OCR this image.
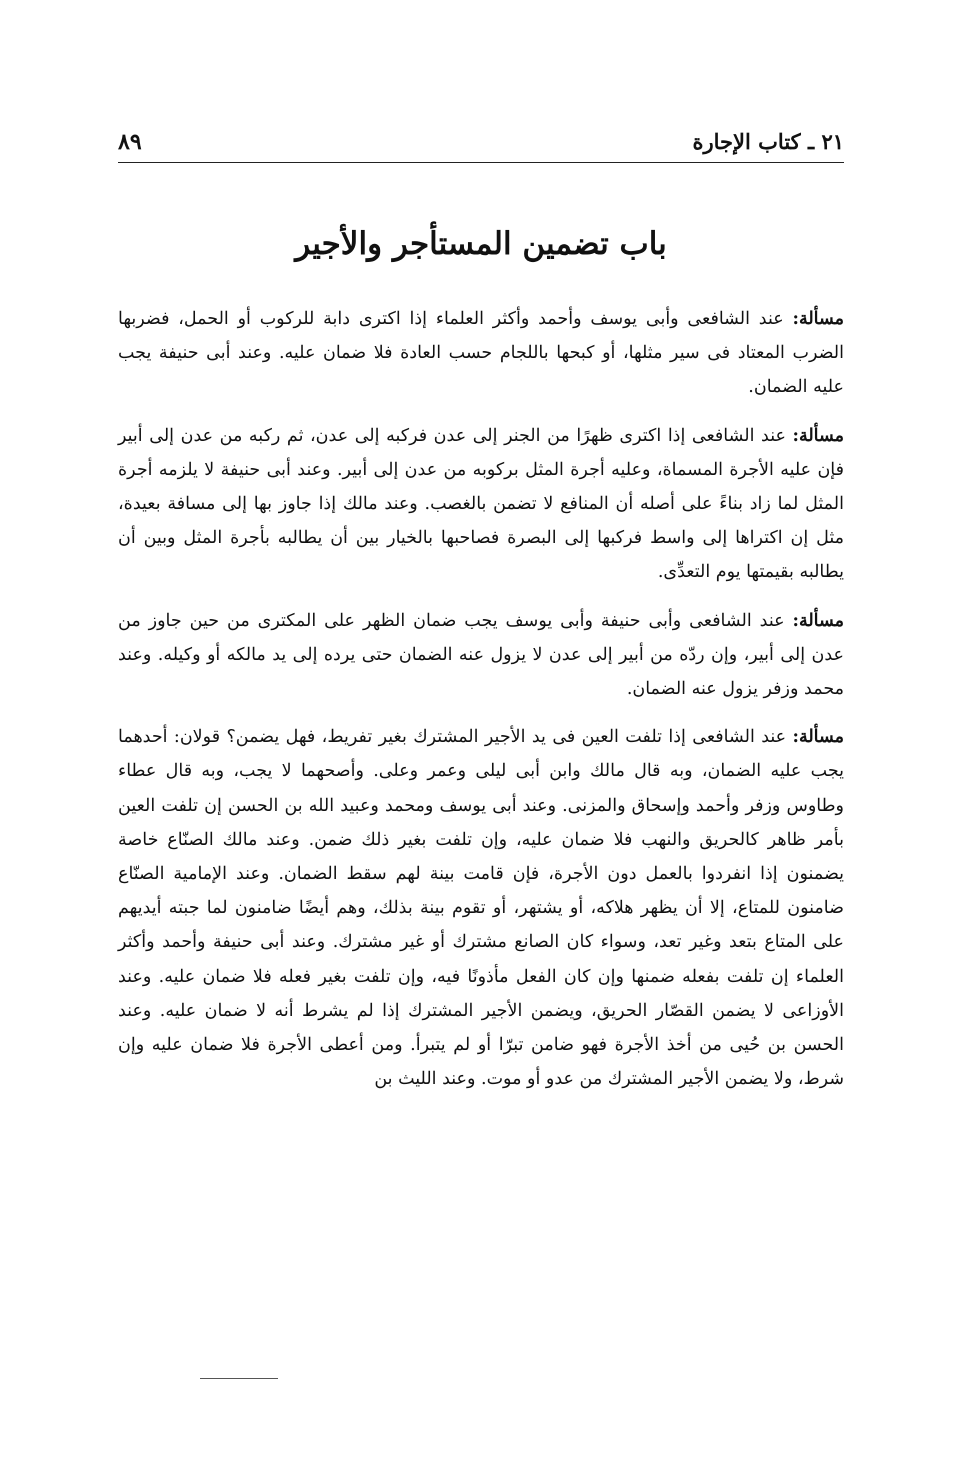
٢١ ـ كتاب الإجارة
٨٩
باب تضمين المستأجر والأجير

مسألة: عند الشافعى وأبى يوسف وأحمد وأكثر العلماء إذا اكترى دابة للركوب أو الحمل، فضربها الضرب المعتاد فى سير مثلها، أو كبحها باللجام حسب العادة فلا ضمان عليه. وعند أبى حنيفة يجب عليه الضمان.

مسألة: عند الشافعى إذا اكترى ظهرًا من الجنر إلى عدن فركبه إلى عدن، ثم ركبه من عدن إلى أبير فإن عليه الأجرة المسماة، وعليه أجرة المثل بركوبه من عدن إلى أبير. وعند أبى حنيفة لا يلزمه أجرة المثل لما زاد بناءً على أصله أن المنافع لا تضمن بالغصب. وعند مالك إذا جاوز بها إلى مسافة بعيدة، مثل إن اكتراها إلى واسط فركبها إلى البصرة فصاحبها بالخيار بين أن يطالبه بأجرة المثل وبين أن يطالبه بقيمتها يوم التعدِّى.

مسألة: عند الشافعى وأبى حنيفة وأبى يوسف يجب ضمان الظهر على المكترى من حين جاوز من عدن إلى أبير، وإن ردّه من أبير إلى عدن لا يزول عنه الضمان حتى يرده إلى يد مالكه أو وكيله. وعند محمد وزفر يزول عنه الضمان.

مسألة: عند الشافعى إذا تلفت العين فى يد الأجير المشترك بغير تفريط، فهل يضمن؟ قولان: أحدهما يجب عليه الضمان، وبه قال مالك وابن أبى ليلى وعمر وعلى. وأصحهما لا يجب، وبه قال عطاء وطاوس وزفر وأحمد وإسحاق والمزنى. وعند أبى يوسف ومحمد وعبيد الله بن الحسن إن تلفت العين بأمر ظاهر كالحريق والنهب فلا ضمان عليه، وإن تلفت بغير ذلك ضمن. وعند مالك الصنّاع خاصة يضمنون إذا انفردوا بالعمل دون الأجرة، فإن قامت بينة لهم سقط الضمان. وعند الإمامية الصنّاع ضامنون للمتاع، إلا أن يظهر هلاكه، أو يشتهر، أو تقوم بينة بذلك، وهم أيضًا ضامنون لما جبته أيديهم على المتاع بتعد وغير تعد، وسواء كان الصانع مشترك أو غير مشترك. وعند أبى حنيفة وأحمد وأكثر العلماء إن تلفت بفعله ضمنها وإن كان الفعل مأذونًا فيه، وإن تلفت بغير فعله فلا ضمان عليه. وعند الأوزاعى لا يضمن القصّار الحريق، ويضمن الأجير المشترك إذا لم يشرط أنه لا ضمان عليه. وعند الحسن بن حُيى من أخذ الأجرة فهو ضامن تبرّا أو لم يتبرأ. ومن أعطى الأجرة فلا ضمان عليه وإن شرط، ولا يضمن الأجير المشترك من عدو أو موت. وعند الليث بن
